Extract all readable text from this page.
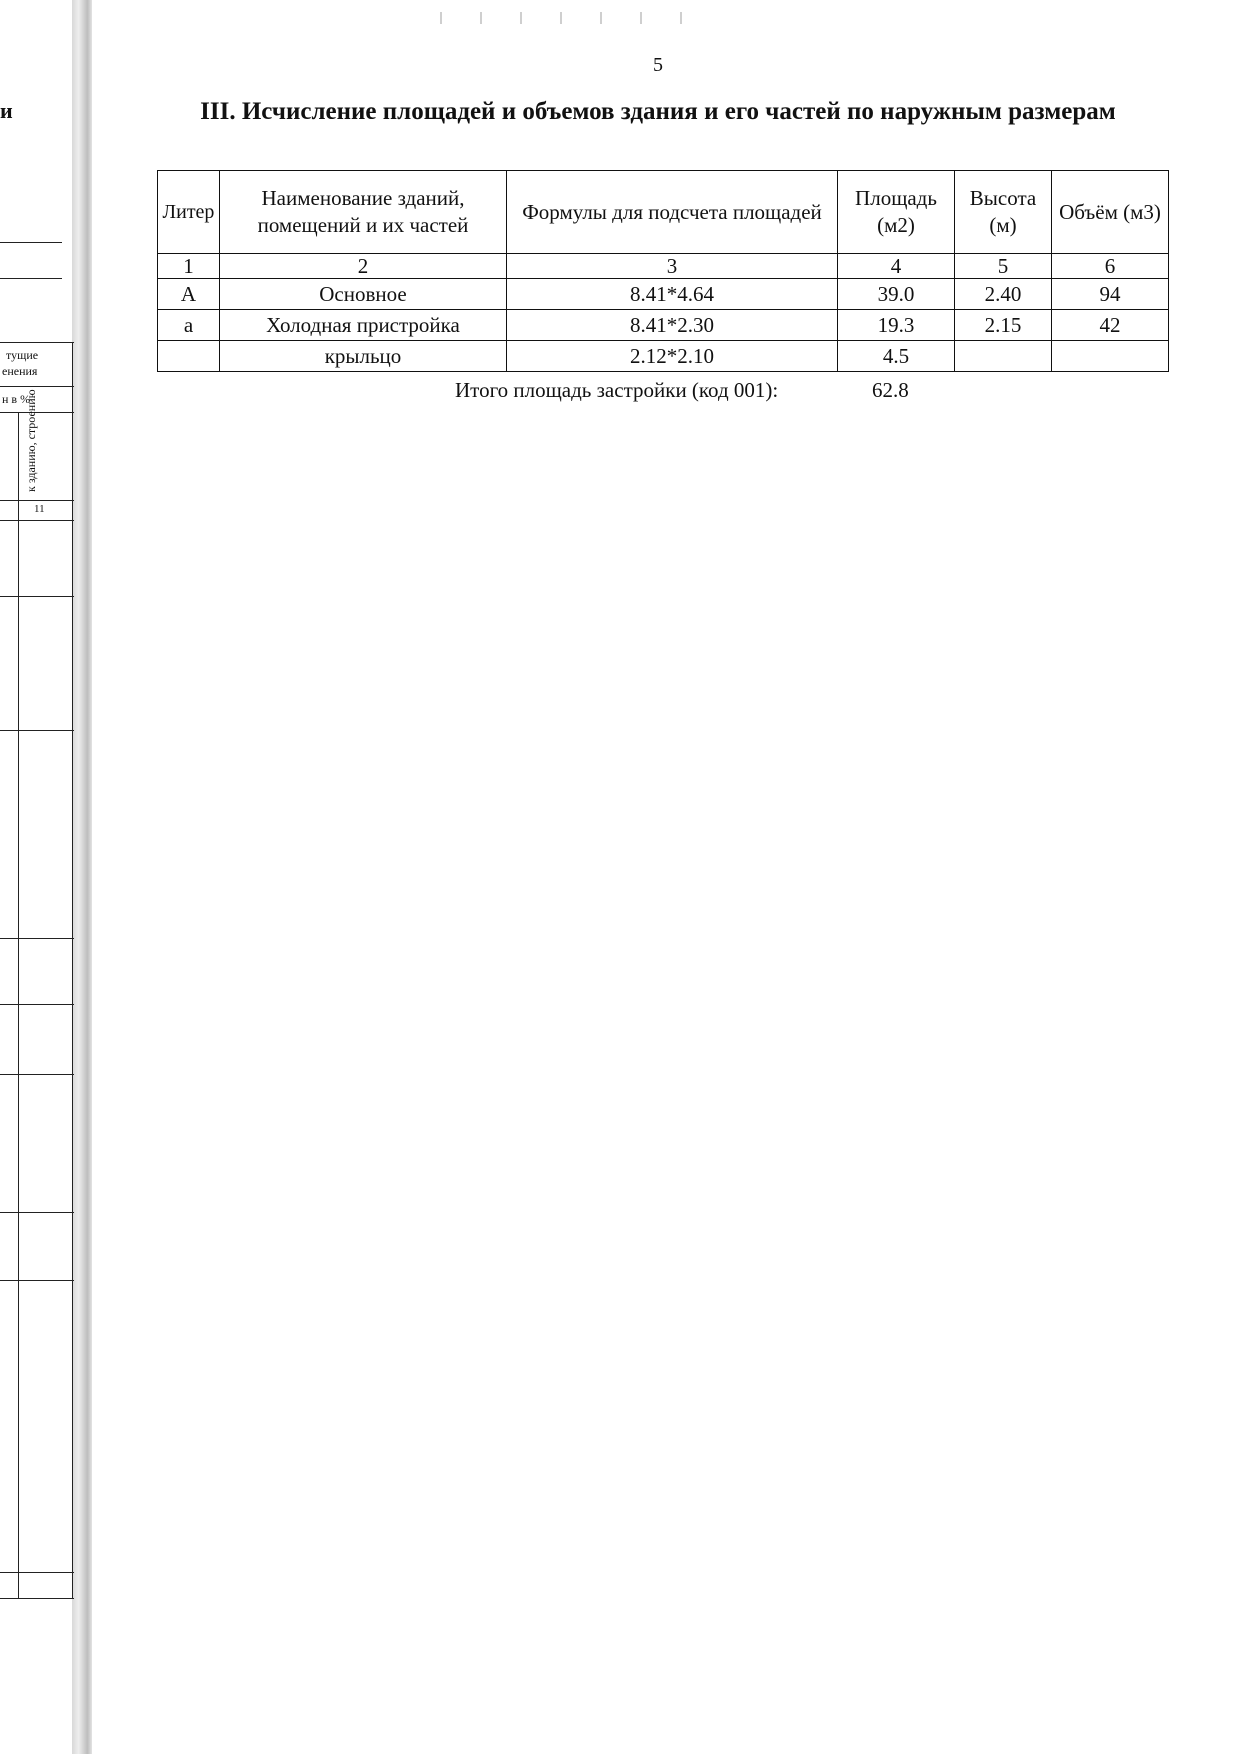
и
тущие
енения
н в %
к зданию, строению
11
5
III. Исчисление площадей и объемов здания и его частей по наружным размерам
Литер	Наименование зданий, помещений и их частей	Формулы для подсчета площадей	Площадь (м2)	Высота (м)	Объём (м3)
1	2	3	4	5	6
А	Основное	8.41*4.64	39.0	2.40	94
а	Холодная пристройка	8.41*2.30	19.3	2.15	42
	крыльцо	2.12*2.10	4.5		
Итого площадь застройки (код 001):	62.8
